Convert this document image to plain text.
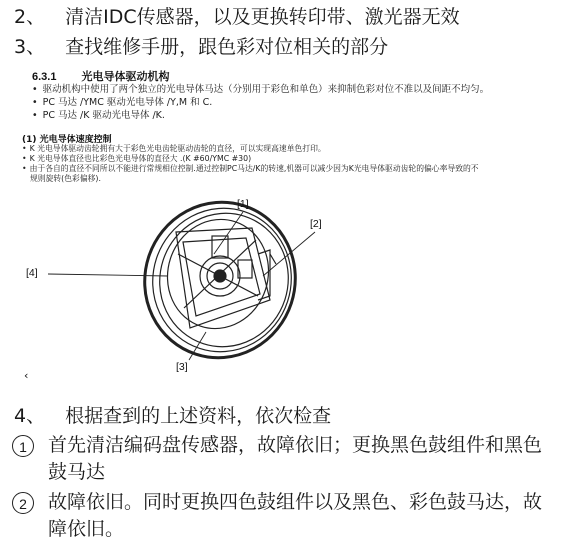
2、 清洁IDC传感器，以及更换转印带、激光器无效
3、 查找维修手册，跟色彩对位相关的部分
6.3.1 光电导体驱动机构
• 驱动机构中使用了两个独立的光电导体马达（分别用于彩色和单色）来抑制色彩对位不准以及间距不均匀。
• PC 马达 /YMC 驱动光电导体 /Y,M 和 C.
• PC 马达 /K 驱动光电导体 /K.
(1) 光电导体速度控制
• K 光电导体驱动齿轮拥有大于彩色光电齿轮驱动齿轮的直径，可以实现高速单色打印。
• K 光电导体直径也比彩色光电导体的直径大 .(K #60/YMC #30)
• 由于各自的直径不同所以不能进行常规相位控制.通过控制PC马达/K的转速,机器可以减少因为K光电导体驱动齿轮的偏心率导致的不
规则旋转(色彩偏移).
[1]
[2]
[3]
[4]
‹
4、 根据查到的上述资料，依次检查
1 首先清洁编码盘传感器，故障依旧；更换黑色鼓组件和黑色
鼓马达
2 故障依旧。同时更换四色鼓组件以及黑色、彩色鼓马达，故
障依旧。
